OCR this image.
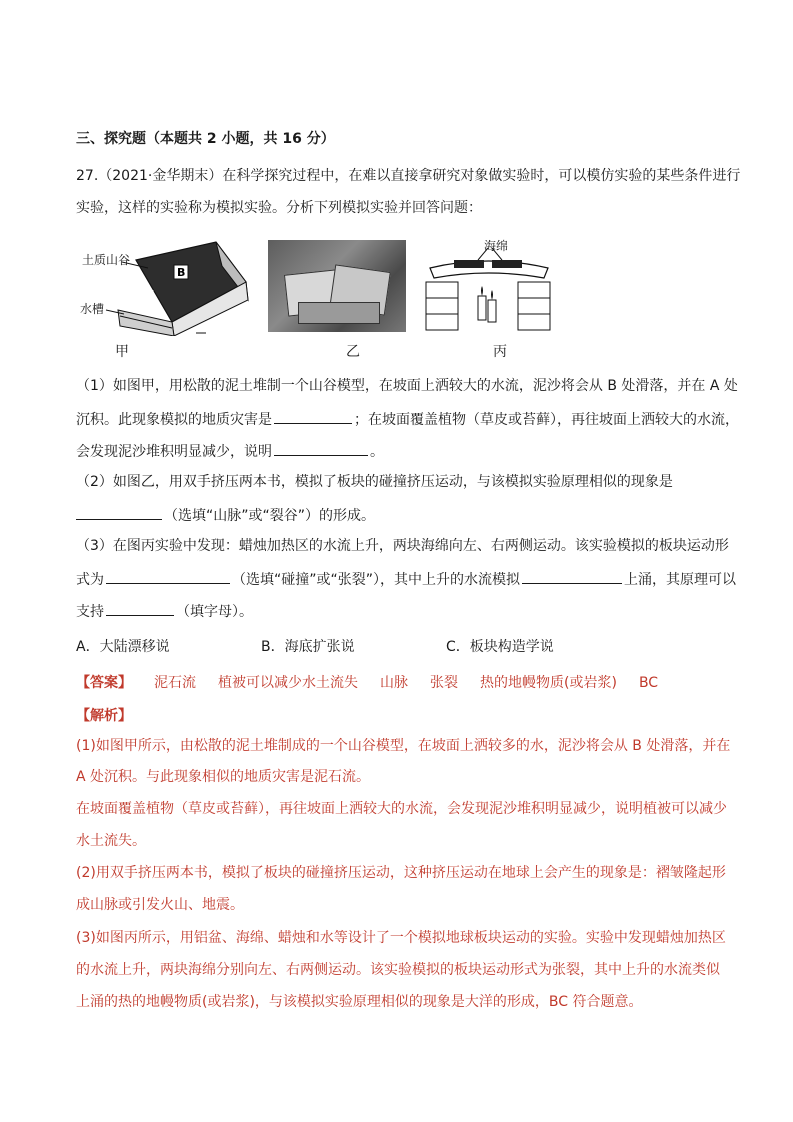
三、探究题（本题共 2 小题，共 16 分）
27.（2021·金华期末）在科学探究过程中，在难以直接拿研究对象做实验时，可以模仿实验的某些条件进行
实验，这样的实验称为模拟实验。分析下列模拟实验并回答问题：
B
A
土质山谷
水槽
甲	乙
海绵
丙
（1）如图甲，用松散的泥土堆制一个山谷模型，在坡面上洒较大的水流，泥沙将会从 B 处滑落，并在 A 处
沉积。此现象模拟的地质灾害是	；在坡面覆盖植物（草皮或苔藓），再往坡面上洒较大的水流，
会发现泥沙堆积明显减少，说明	。
（2）如图乙，用双手挤压两本书，模拟了板块的碰撞挤压运动，与该模拟实验原理相似的现象是
（选填“山脉”或“裂谷”）的形成。
（3）在图丙实验中发现：蜡烛加热区的水流上升，两块海绵向左、右两侧运动。该实验模拟的板块运动形
式为	（选填“碰撞”或“张裂”），其中上升的水流模拟	上涌，其原理可以
支持	（填字母）。
A．大陆漂移说	B．海底扩张说	C．板块构造学说
【答案】 泥石流 植被可以减少水土流失 山脉 张裂 热的地幔物质(或岩浆) BC
【解析】
(1)如图甲所示，由松散的泥土堆制成的一个山谷模型，在坡面上洒较多的水，泥沙将会从 B 处滑落，并在
A 处沉积。与此现象相似的地质灾害是泥石流。
在坡面覆盖植物（草皮或苔藓），再往坡面上洒较大的水流，会发现泥沙堆积明显减少，说明植被可以减少
水土流失。
(2)用双手挤压两本书，模拟了板块的碰撞挤压运动，这种挤压运动在地球上会产生的现象是：褶皱隆起形
成山脉或引发火山、地震。
(3)如图丙所示，用铝盆、海绵、蜡烛和水等设计了一个模拟地球板块运动的实验。实验中发现蜡烛加热区
的水流上升，两块海绵分别向左、右两侧运动。该实验模拟的板块运动形式为张裂，其中上升的水流类似
上涌的热的地幔物质(或岩浆)，与该模拟实验原理相似的现象是大洋的形成，BC 符合题意。
